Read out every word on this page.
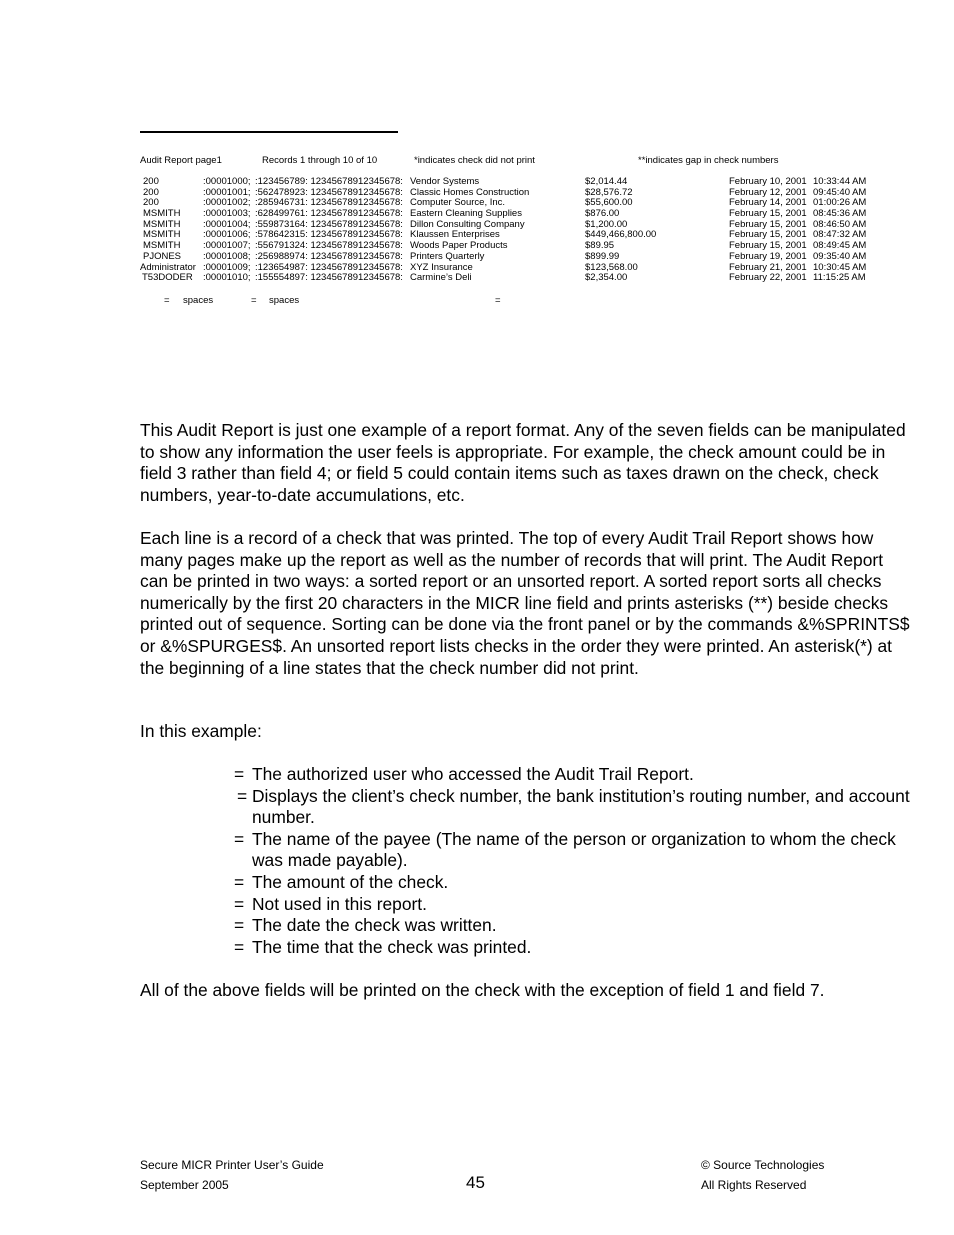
Audit Report page1	Records 1 through 10 of 10	*indicates check did not print	**indicates gap in check numbers
200	:00001000; :123456789: 12345678912345678: Vendor Systems	$2,014.44	February 10, 2001 10:33:44 AM
200	:00001001; :562478923: 12345678912345678: Classic Homes Construction	$28,576.72	February 12, 2001 09:45:40 AM
200	:00001002; :285946731: 12345678912345678: Computer Source, Inc.	$55,600.00	February 14, 2001 01:00:26 AM
MSMITH :00001003; :628499761: 12345678912345678: Eastern Cleaning Supplies	$876.00	February 15, 2001 08:45:36 AM
MSMITH :00001004; :559873164: 12345678912345678: Dillon Consulting Company	$1,200.00	February 15, 2001 08:46:50 AM
MSMITH :00001006; :578642315: 12345678912345678: Klaussen Enterprises	$449,466,800.00	February 15, 2001 08:47:32 AM
MSMITH :00001007; :556791324: 12345678912345678: Woods Paper Products	$89.95	February 15, 2001 08:49:45 AM
PJONES :00001008; :256988974: 12345678912345678: Printers Quarterly	$899.99	February 19, 2001 09:35:40 AM
Administrator :00001009; :123654987: 12345678912345678: XYZ Insurance	$123,568.00	February 21, 2001 10:30:45 AM
T53DODER :00001010; :155554897: 12345678912345678: Carmine’s Deli	$2,354.00	February 22, 2001 11:15:25 AM
= spaces	= spaces	=

This Audit Report is just one example of a report format. Any of the seven fields can be manipulated to show any information the user feels is appropriate. For example, the check amount could be in field 3 rather than field 4; or field 5 could contain items such as taxes drawn on the check, check numbers, year-to-date accumulations, etc.

Each line is a record of a check that was printed. The top of every Audit Trail Report shows how many pages make up the report as well as the number of records that will print. The Audit Report can be printed in two ways: a sorted report or an unsorted report. A sorted report sorts all checks numerically by the first 20 characters in the MICR line field and prints asterisks (**) beside checks printed out of sequence. Sorting can be done via the front panel or by the commands &%SPRINTS$ or &%SPURGES$. An unsorted report lists checks in the order they were printed. An asterisk(*) at the beginning of a line states that the check number did not print.

In this example:

= The authorized user who accessed the Audit Trail Report.
= Displays the client’s check number, the bank institution’s routing number, and account number.
= The name of the payee (The name of the person or organization to whom the check was made payable).
= The amount of the check.
= Not used in this report.
= The date the check was written.
= The time that the check was printed.

All of the above fields will be printed on the check with the exception of field 1 and field 7.

Secure MICR Printer User’s Guide
September 2005	45
© Source Technologies
All Rights Reserved
